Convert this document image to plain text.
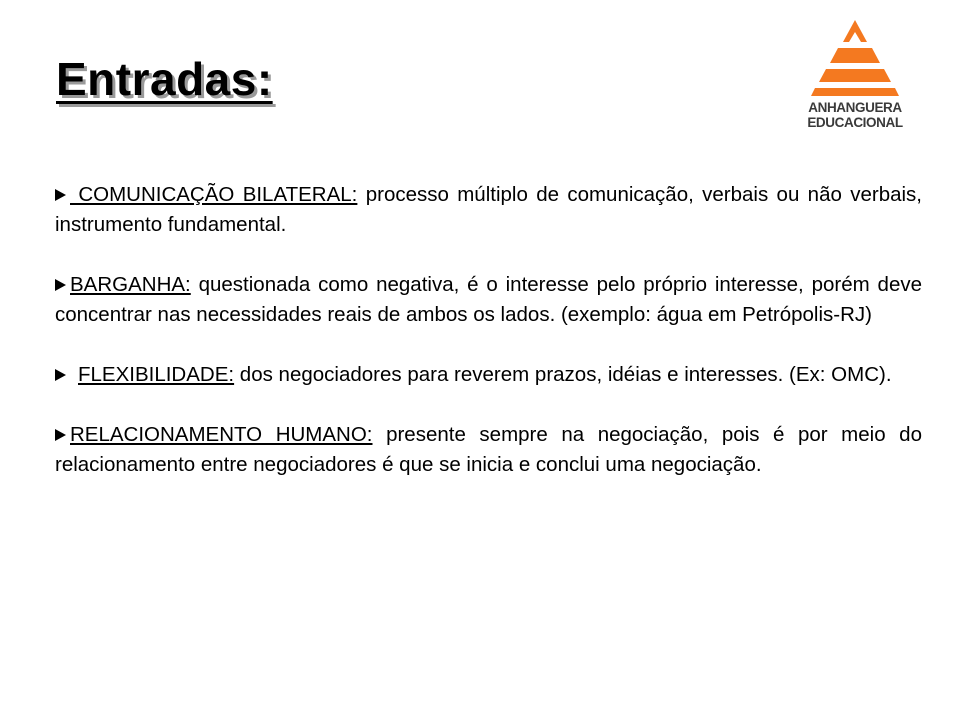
Entradas:
ANHANGUERA
EDUCACIONAL

COMUNICAÇÃO BILATERAL: processo múltiplo de comunicação, verbais ou não verbais, instrumento fundamental.

BARGANHA: questionada como negativa, é o interesse pelo próprio interesse, porém deve concentrar nas necessidades reais de ambos os lados. (exemplo: água em Petrópolis-RJ)

FLEXIBILIDADE: dos negociadores para reverem prazos, idéias e interesses. (Ex: OMC).

RELACIONAMENTO HUMANO: presente sempre na negociação, pois é por meio do relacionamento entre negociadores é que se inicia e conclui uma negociação.
